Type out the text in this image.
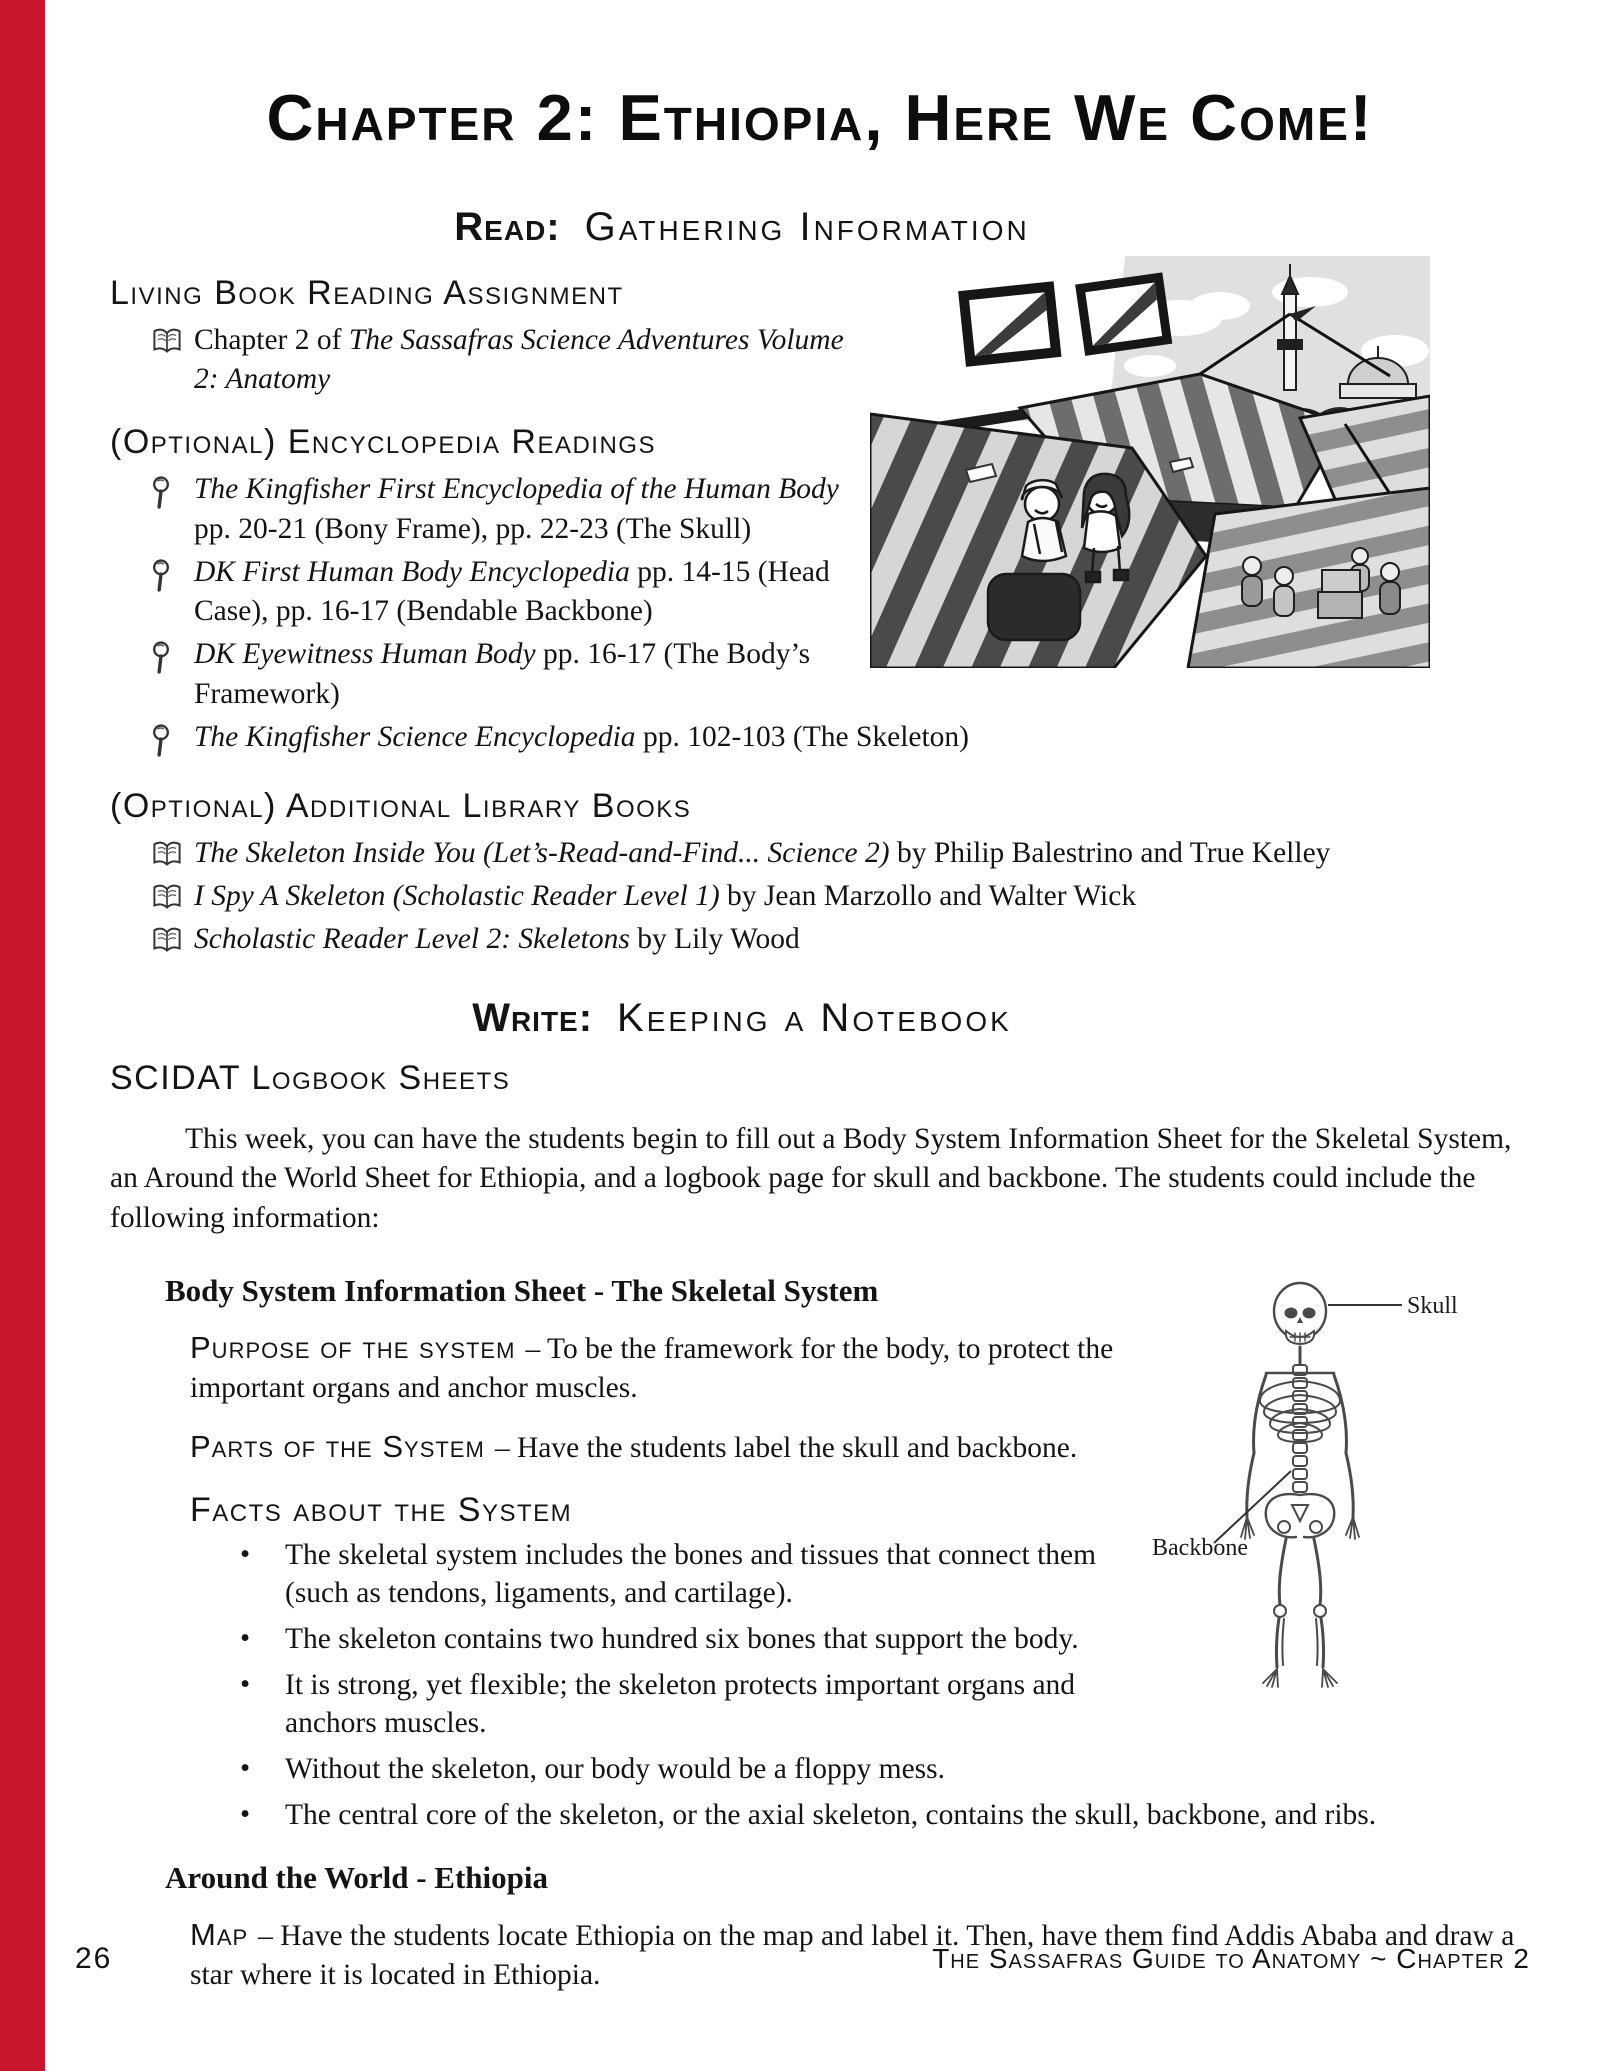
Chapter 2: Ethiopia, Here We Come!
Read: Gathering Information
Living Book Reading Assignment
Chapter 2 of The Sassafras Science Adventures Volume 2: Anatomy
(Optional) Encyclopedia Readings
The Kingfisher First Encyclopedia of the Human Body pp. 20-21 (Bony Frame), pp. 22-23 (The Skull)
DK First Human Body Encyclopedia pp. 14-15 (Head Case), pp. 16-17 (Bendable Backbone)
DK Eyewitness Human Body pp. 16-17 (The Body’s Framework)
The Kingfisher Science Encyclopedia pp. 102-103 (The Skeleton)
(Optional) Additional Library Books
The Skeleton Inside You (Let’s-Read-and-Find... Science 2) by Philip Balestrino and True Kelley
I Spy A Skeleton (Scholastic Reader Level 1) by Jean Marzollo and Walter Wick
Scholastic Reader Level 2: Skeletons by Lily Wood
Write: Keeping a Notebook
SCIDAT Logbook Sheets

This week, you can have the students begin to fill out a Body System Information Sheet for the Skeletal System, an Around the World Sheet for Ethiopia, and a logbook page for skull and backbone. The students could include the following information:

Skull
Backbone
Body System Information Sheet - The Skeletal System

Purpose of the system – To be the framework for the body, to protect the important organs and anchor muscles.

Parts of the System – Have the students label the skull and backbone.

Facts about the System
•	The skeletal system includes the bones and tissues that connect them (such as tendons, ligaments, and cartilage).
•	The skeleton contains two hundred six bones that support the body.
•	It is strong, yet flexible; the skeleton protects important organs and anchors muscles.
•	Without the skeleton, our body would be a floppy mess.
•	The central core of the skeleton, or the axial skeleton, contains the skull, backbone, and ribs.
Around the World - Ethiopia

Map – Have the students locate Ethiopia on the map and label it. Then, have them find Addis Ababa and draw a star where it is located in Ethiopia.

26	The Sassafras Guide to Anatomy ~ Chapter 2
